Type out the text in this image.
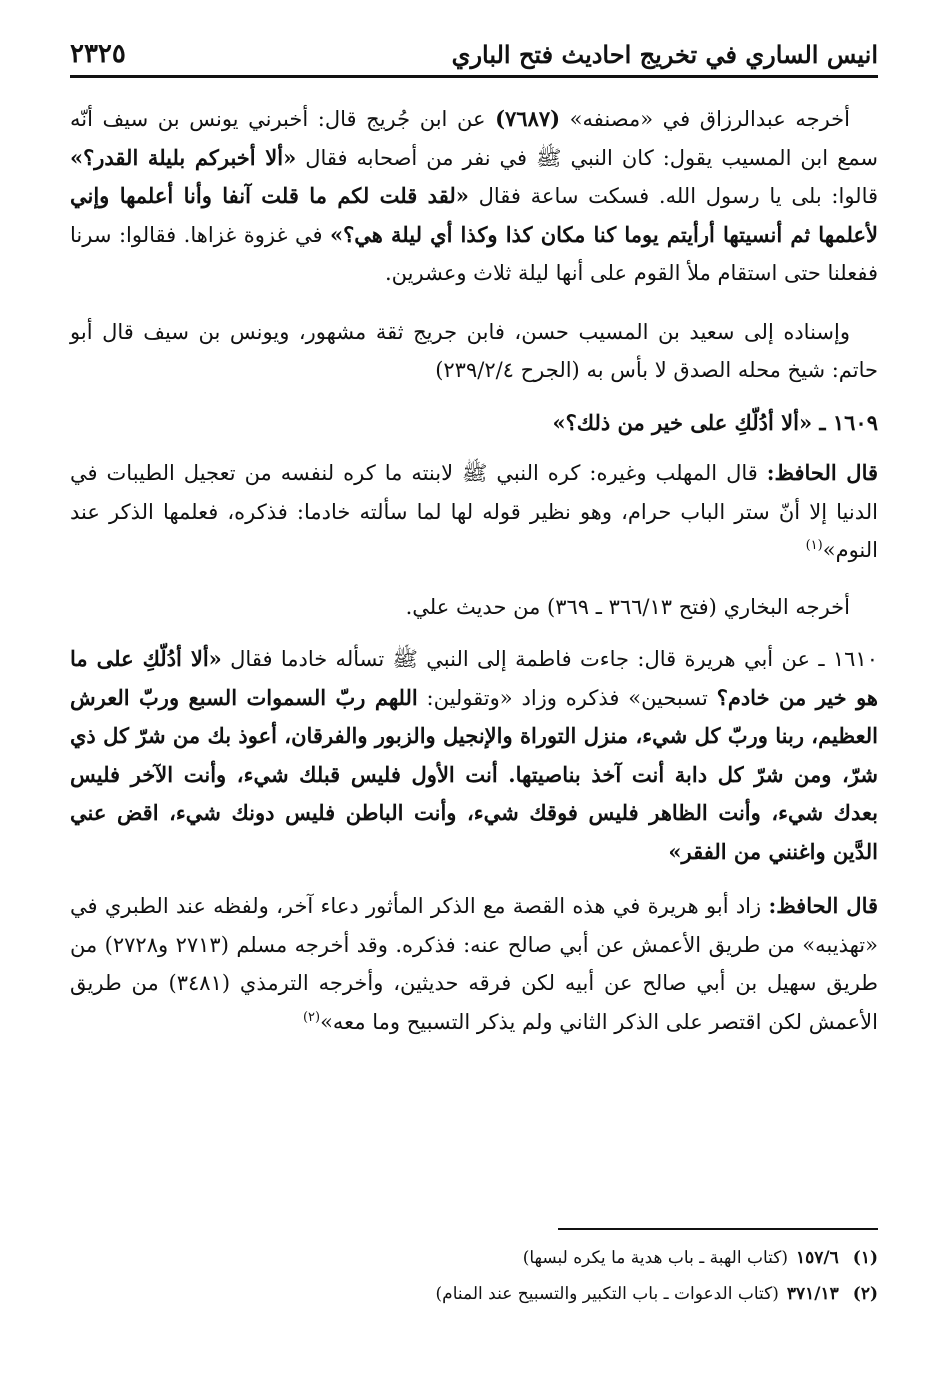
انيس الساري في تخريج احاديث فتح الباري
٢٣٢٥

أخرجه عبدالرزاق في «مصنفه» (٧٦٨٧) عن ابن جُريج قال: أخبرني يونس بن سيف أنّه سمع ابن المسيب يقول: كان النبي ﷺ في نفر من أصحابه فقال «ألا أخبركم بليلة القدر؟» قالوا: بلى يا رسول الله. فسكت ساعة فقال «لقد قلت لكم ما قلت آنفا وأنا أعلمها وإني لأعلمها ثم أنسيتها أرأيتم يوما كنا مكان كذا وكذا أي ليلة هي؟» في غزوة غزاها. فقالوا: سرنا ففعلنا حتى استقام ملأ القوم على أنها ليلة ثلاث وعشرين.

وإسناده إلى سعيد بن المسيب حسن، فابن جريج ثقة مشهور، ويونس بن سيف قال أبو حاتم: شيخ محله الصدق لا بأس به (الجرح ٢٣٩/٢/٤)

١٦٠٩ ـ «ألا أدُلّكِ على خير من ذلك؟»

قال الحافظ: قال المهلب وغيره: كره النبي ﷺ لابنته ما كره لنفسه من تعجيل الطيبات في الدنيا إلا أنّ ستر الباب حرام، وهو نظير قوله لها لما سألته خادما: فذكره، فعلمها الذكر عند النوم»$^{(١)}$

أخرجه البخاري (فتح ٣٦٦/١٣ ـ ٣٦٩) من حديث علي.

١٦١٠ ـ عن أبي هريرة قال: جاءت فاطمة إلى النبي ﷺ تسأله خادما فقال «ألا أدُلّكِ على ما هو خير من خادم؟ تسبحين» فذكره وزاد «وتقولين: اللهم ربّ السموات السبع وربّ العرش العظيم، ربنا وربّ كل شيء، منزل التوراة والإنجيل والزبور والفرقان، أعوذ بك من شرّ كل ذي شرّ، ومن شرّ كل دابة أنت آخذ بناصيتها. أنت الأول فليس قبلك شيء، وأنت الآخر فليس بعدك شيء، وأنت الظاهر فليس فوقك شيء، وأنت الباطن فليس دونك شيء، اقض عني الدَّين واغنني من الفقر»

قال الحافظ: زاد أبو هريرة في هذه القصة مع الذكر المأثور دعاء آخر، ولفظه عند الطبري في «تهذيبه» من طريق الأعمش عن أبي صالح عنه: فذكره. وقد أخرجه مسلم (٢٧١٣ و٢٧٢٨) من طريق سهيل بن أبي صالح عن أبيه لكن فرقه حديثين، وأخرجه الترمذي (٣٤٨١) من طريق الأعمش لكن اقتصر على الذكر الثاني ولم يذكر التسبيح وما معه»$^{(٢)}$

(١)١٥٧/٦(كتاب الهبة ـ باب هدية ما يكره لبسها)

(٢)٣٧١/١٣(كتاب الدعوات ـ باب التكبير والتسبيح عند المنام)
